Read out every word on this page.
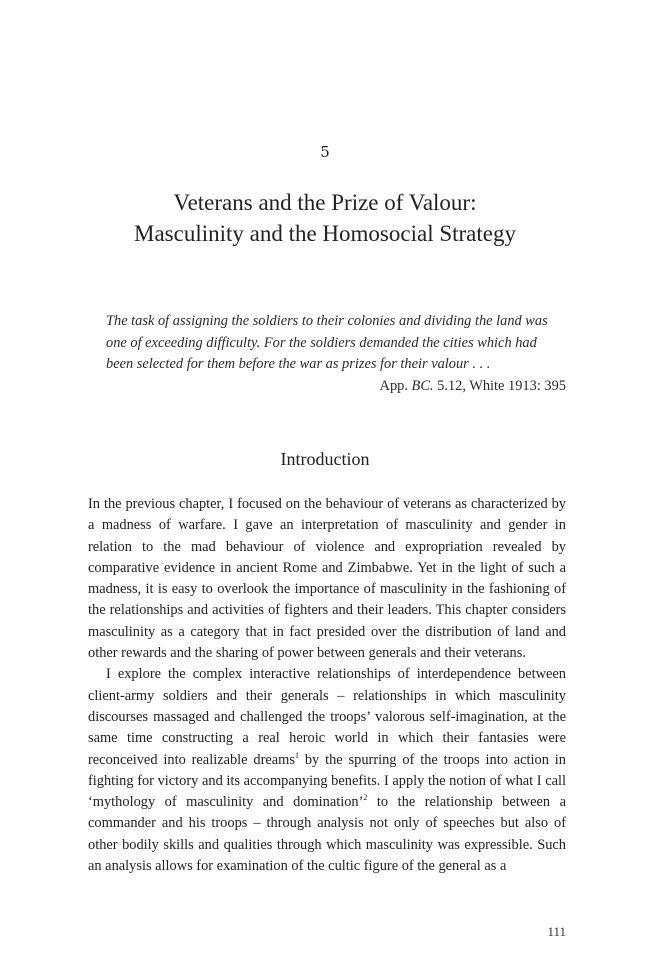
5
Veterans and the Prize of Valour:
Masculinity and the Homosocial Strategy
The task of assigning the soldiers to their colonies and dividing the land was one of exceeding difficulty. For the soldiers demanded the cities which had been selected for them before the war as prizes for their valour . . .
App. BC. 5.12, White 1913: 395
Introduction

In the previous chapter, I focused on the behaviour of veterans as characterized by a madness of warfare. I gave an interpretation of masculinity and gender in relation to the mad behaviour of violence and expropriation revealed by comparative evidence in ancient Rome and Zimbabwe. Yet in the light of such a madness, it is easy to overlook the importance of masculinity in the fashioning of the relationships and activities of fighters and their leaders. This chapter considers masculinity as a category that in fact presided over the distribution of land and other rewards and the sharing of power between generals and their veterans.

I explore the complex interactive relationships of interdependence between client-army soldiers and their generals – relationships in which masculinity discourses massaged and challenged the troops’ valorous self-imagination, at the same time constructing a real heroic world in which their fantasies were reconceived into realizable dreams$^1$ by the spurring of the troops into action in fighting for victory and its accompanying benefits. I apply the notion of what I call ‘mythology of masculinity and domination’$^2$ to the relationship between a commander and his troops – through analysis not only of speeches but also of other bodily skills and qualities through which masculinity was expressible. Such an analysis allows for examination of the cultic figure of the general as a

111
